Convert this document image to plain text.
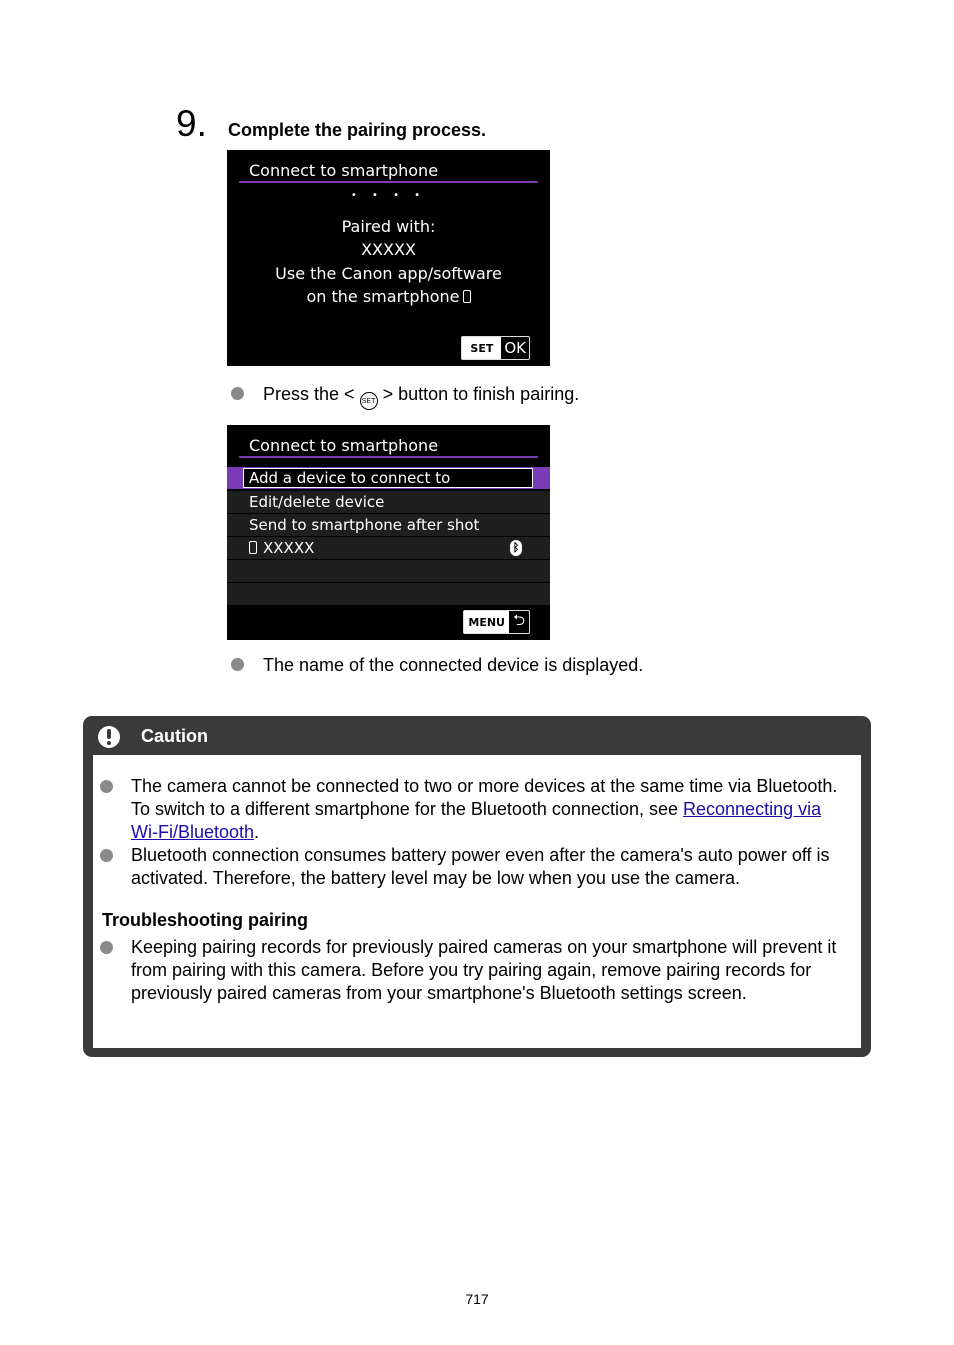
9. Complete the pairing process.
Connect to smartphone
• • • •
Paired with:
XXXXX
Use the Canon app/software
on the smartphone
SET OK
Press the < SET > button to finish pairing.
Connect to smartphone
Add a device to connect to
Edit/delete device
Send to smartphone after shot
XXXXX	ᛒ
MENU ⮌
The name of the connected device is displayed.
Caution
The camera cannot be connected to two or more devices at the same time via Bluetooth. To switch to a different smartphone for the Bluetooth connection, see Reconnecting via Wi-Fi/Bluetooth.
Bluetooth connection consumes battery power even after the camera's auto power off is activated. Therefore, the battery level may be low when you use the camera.
Troubleshooting pairing
Keeping pairing records for previously paired cameras on your smartphone will prevent it from pairing with this camera. Before you try pairing again, remove pairing records for previously paired cameras from your smartphone's Bluetooth settings screen.
717
